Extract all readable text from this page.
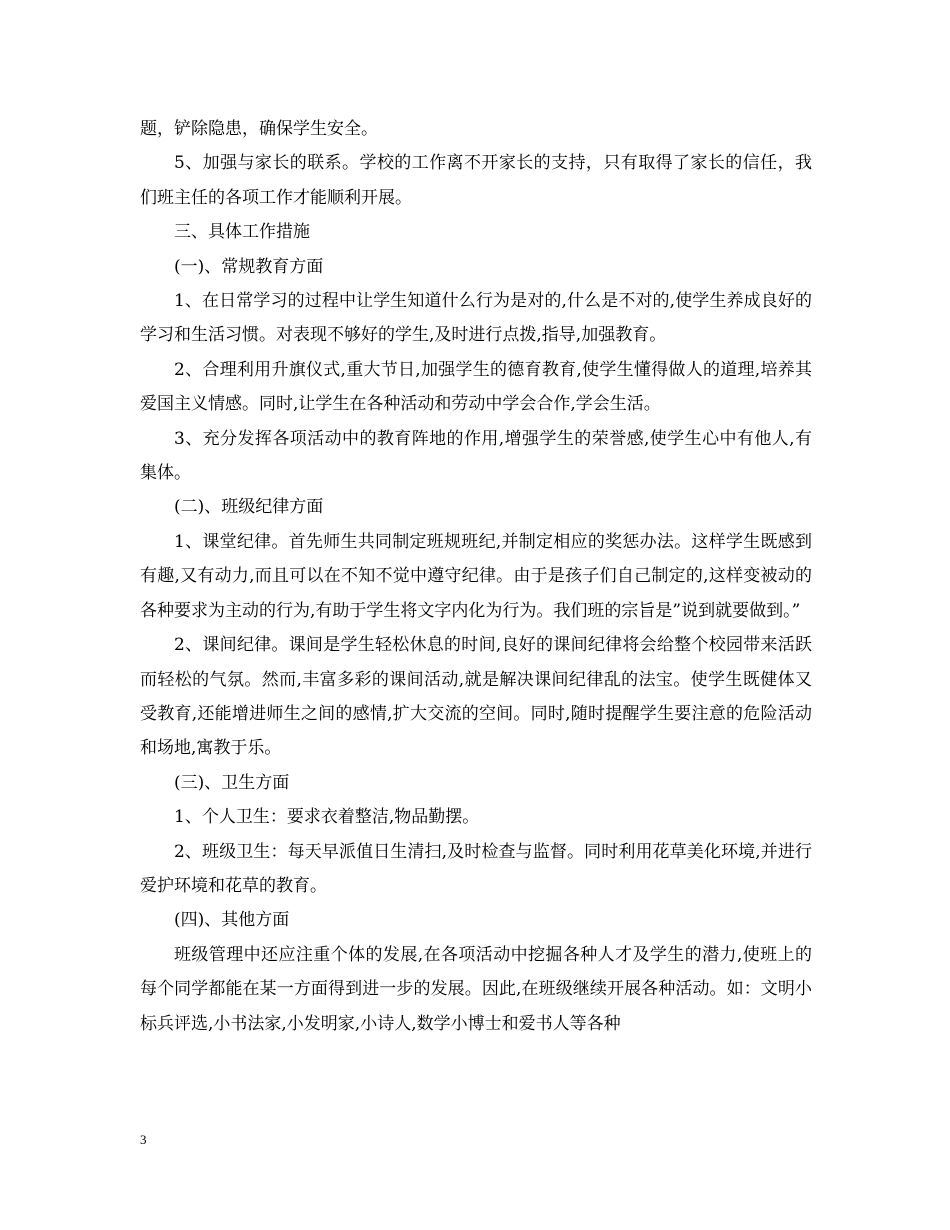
题，铲除隐患，确保学生安全。

5、加强与家长的联系。学校的工作离不开家长的支持，只有取得了家长的信任，我们班主任的各项工作才能顺利开展。

三、具体工作措施

(一)、常规教育方面

1、在日常学习的过程中让学生知道什么行为是对的,什么是不对的,使学生养成良好的学习和生活习惯。对表现不够好的学生,及时进行点拨,指导,加强教育。

2、合理利用升旗仪式,重大节日,加强学生的德育教育,使学生懂得做人的道理,培养其爱国主义情感。同时,让学生在各种活动和劳动中学会合作,学会生活。

3、充分发挥各项活动中的教育阵地的作用,增强学生的荣誉感,使学生心中有他人,有集体。

(二)、班级纪律方面

1、课堂纪律。首先师生共同制定班规班纪,并制定相应的奖惩办法。这样学生既感到有趣,又有动力,而且可以在不知不觉中遵守纪律。由于是孩子们自己制定的,这样变被动的各种要求为主动的行为,有助于学生将文字内化为行为。我们班的宗旨是”说到就要做到。”

2、课间纪律。课间是学生轻松休息的时间,良好的课间纪律将会给整个校园带来活跃而轻松的气氛。然而,丰富多彩的课间活动,就是解决课间纪律乱的法宝。使学生既健体又受教育,还能增进师生之间的感情,扩大交流的空间。同时,随时提醒学生要注意的危险活动和场地,寓教于乐。

(三)、卫生方面

1、个人卫生：要求衣着整洁,物品勤摆。

2、班级卫生：每天早派值日生清扫,及时检查与监督。同时利用花草美化环境,并进行爱护环境和花草的教育。

(四)、其他方面

班级管理中还应注重个体的发展,在各项活动中挖掘各种人才及学生的潜力,使班上的每个同学都能在某一方面得到进一步的发展。因此,在班级继续开展各种活动。如：文明小标兵评选,小书法家,小发明家,小诗人,数学小博士和爱书人等各种

3
